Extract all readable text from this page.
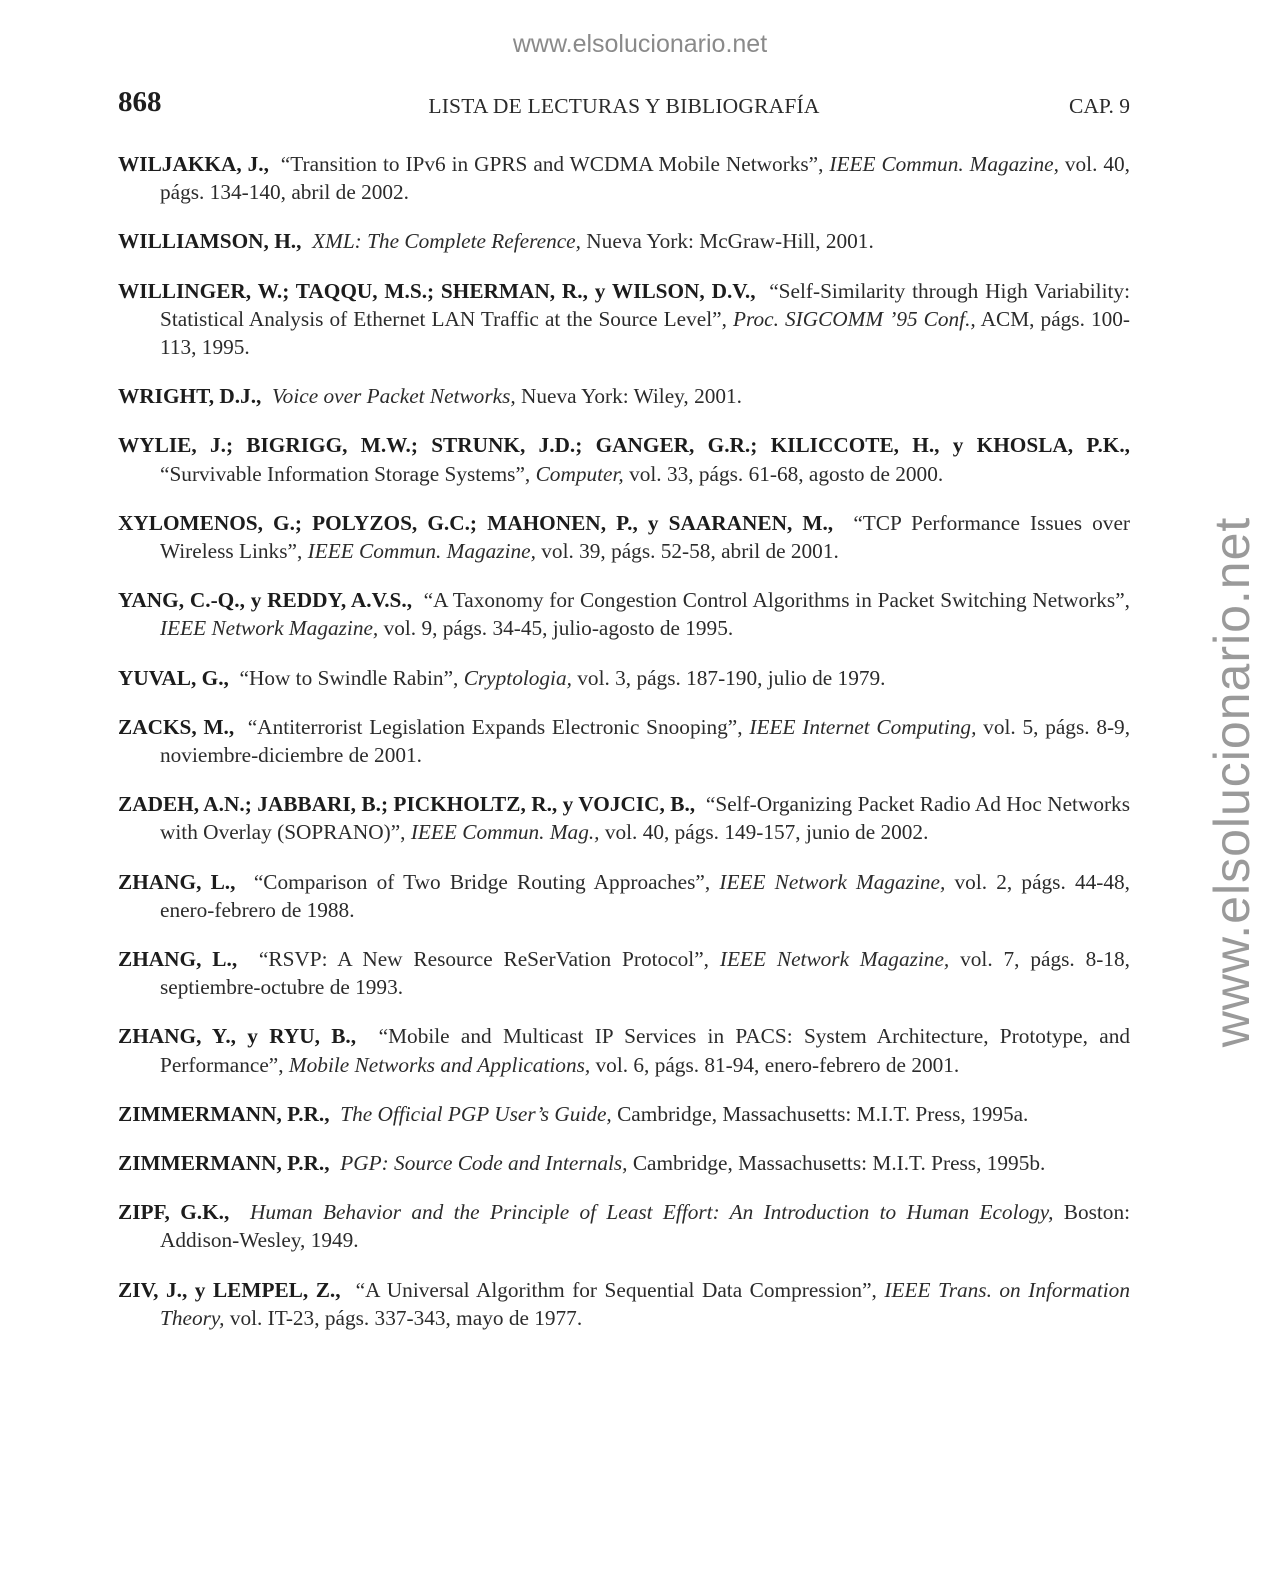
www.elsolucionario.net
www.elsolucionario.net
868	LISTA DE LECTURAS Y BIBLIOGRAFÍA	CAP. 9

WILJAKKA, J., “Transition to IPv6 in GPRS and WCDMA Mobile Networks”, IEEE Commun. Magazine, vol. 40, págs. 134-140, abril de 2002.

WILLIAMSON, H., XML: The Complete Reference, Nueva York: McGraw-Hill, 2001.

WILLINGER, W.; TAQQU, M.S.; SHERMAN, R., y WILSON, D.V., “Self-Similarity through High Variability: Statistical Analysis of Ethernet LAN Traffic at the Source Level”, Proc. SIGCOMM ’95 Conf., ACM, págs. 100-113, 1995.

WRIGHT, D.J., Voice over Packet Networks, Nueva York: Wiley, 2001.

WYLIE, J.; BIGRIGG, M.W.; STRUNK, J.D.; GANGER, G.R.; KILICCOTE, H., y KHOSLA, P.K., “Survivable Information Storage Systems”, Computer, vol. 33, págs. 61-68, agosto de 2000.

XYLOMENOS, G.; POLYZOS, G.C.; MAHONEN, P., y SAARANEN, M., “TCP Performance Issues over Wireless Links”, IEEE Commun. Magazine, vol. 39, págs. 52-58, abril de 2001.

YANG, C.-Q., y REDDY, A.V.S., “A Taxonomy for Congestion Control Algorithms in Packet Switching Networks”, IEEE Network Magazine, vol. 9, págs. 34-45, julio-agosto de 1995.

YUVAL, G., “How to Swindle Rabin”, Cryptologia, vol. 3, págs. 187-190, julio de 1979.

ZACKS, M., “Antiterrorist Legislation Expands Electronic Snooping”, IEEE Internet Computing, vol. 5, págs. 8-9, noviembre-diciembre de 2001.

ZADEH, A.N.; JABBARI, B.; PICKHOLTZ, R., y VOJCIC, B., “Self-Organizing Packet Radio Ad Hoc Networks with Overlay (SOPRANO)”, IEEE Commun. Mag., vol. 40, págs. 149-157, junio de 2002.

ZHANG, L., “Comparison of Two Bridge Routing Approaches”, IEEE Network Magazine, vol. 2, págs. 44-48, enero-febrero de 1988.

ZHANG, L., “RSVP: A New Resource ReSerVation Protocol”, IEEE Network Magazine, vol. 7, págs. 8-18, septiembre-octubre de 1993.

ZHANG, Y., y RYU, B., “Mobile and Multicast IP Services in PACS: System Architecture, Prototype, and Performance”, Mobile Networks and Applications, vol. 6, págs. 81-94, enero-febrero de 2001.

ZIMMERMANN, P.R., The Official PGP User’s Guide, Cambridge, Massachusetts: M.I.T. Press, 1995a.

ZIMMERMANN, P.R., PGP: Source Code and Internals, Cambridge, Massachusetts: M.I.T. Press, 1995b.

ZIPF, G.K., Human Behavior and the Principle of Least Effort: An Introduction to Human Ecology, Boston: Addison-Wesley, 1949.

ZIV, J., y LEMPEL, Z., “A Universal Algorithm for Sequential Data Compression”, IEEE Trans. on Information Theory, vol. IT-23, págs. 337-343, mayo de 1977.
